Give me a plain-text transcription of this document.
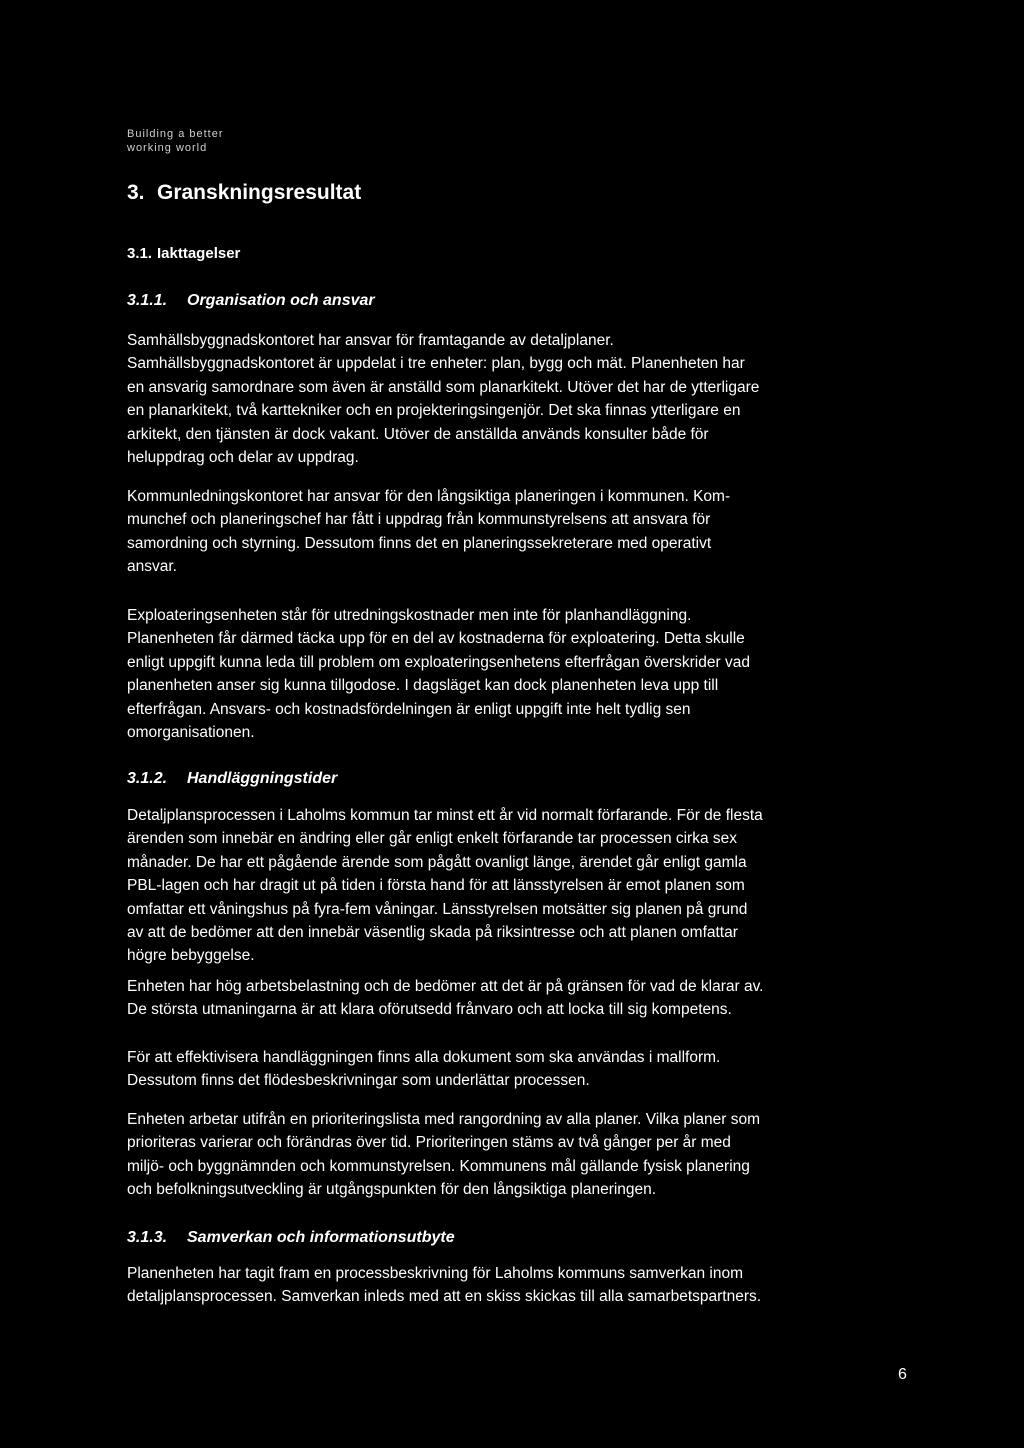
Building a better
working world
3. Granskningsresultat
3.1. Iakttagelser
3.1.1. Organisation och ansvar

Samhällsbyggnadskontoret har ansvar för framtagande av detaljplaner.
Samhällsbyggnadskontoret är uppdelat i tre enheter: plan, bygg och mät. Planenheten har
en ansvarig samordnare som även är anställd som planarkitekt. Utöver det har de ytterligare
en planarkitekt, två karttekniker och en projekteringsingenjör. Det ska finnas ytterligare en
arkitekt, den tjänsten är dock vakant. Utöver de anställda används konsulter både för
heluppdrag och delar av uppdrag.

Kommunledningskontoret har ansvar för den långsiktiga planeringen i kommunen. Kom-
munchef och planeringschef har fått i uppdrag från kommunstyrelsens att ansvara för
samordning och styrning. Dessutom finns det en planeringssekreterare med operativt
ansvar.

Exploateringsenheten står för utredningskostnader men inte för planhandläggning.
Planenheten får därmed täcka upp för en del av kostnaderna för exploatering. Detta skulle
enligt uppgift kunna leda till problem om exploateringsenhetens efterfrågan överskrider vad
planenheten anser sig kunna tillgodose. I dagsläget kan dock planenheten leva upp till
efterfrågan. Ansvars- och kostnadsfördelningen är enligt uppgift inte helt tydlig sen
omorganisationen.

3.1.2. Handläggningstider

Detaljplansprocessen i Laholms kommun tar minst ett år vid normalt förfarande. För de flesta
ärenden som innebär en ändring eller går enligt enkelt förfarande tar processen cirka sex
månader. De har ett pågående ärende som pågått ovanligt länge, ärendet går enligt gamla
PBL-lagen och har dragit ut på tiden i första hand för att länsstyrelsen är emot planen som
omfattar ett våningshus på fyra-fem våningar. Länsstyrelsen motsätter sig planen på grund
av att de bedömer att den innebär väsentlig skada på riksintresse och att planen omfattar
högre bebyggelse.

Enheten har hög arbetsbelastning och de bedömer att det är på gränsen för vad de klarar av.
De största utmaningarna är att klara oförutsedd frånvaro och att locka till sig kompetens.

För att effektivisera handläggningen finns alla dokument som ska användas i mallform.
Dessutom finns det flödesbeskrivningar som underlättar processen.

Enheten arbetar utifrån en prioriteringslista med rangordning av alla planer. Vilka planer som
prioriteras varierar och förändras över tid. Prioriteringen stäms av två gånger per år med
miljö- och byggnämnden och kommunstyrelsen. Kommunens mål gällande fysisk planering
och befolkningsutveckling är utgångspunkten för den långsiktiga planeringen.

3.1.3. Samverkan och informationsutbyte

Planenheten har tagit fram en processbeskrivning för Laholms kommuns samverkan inom
detaljplansprocessen. Samverkan inleds med att en skiss skickas till alla samarbetspartners.

6
